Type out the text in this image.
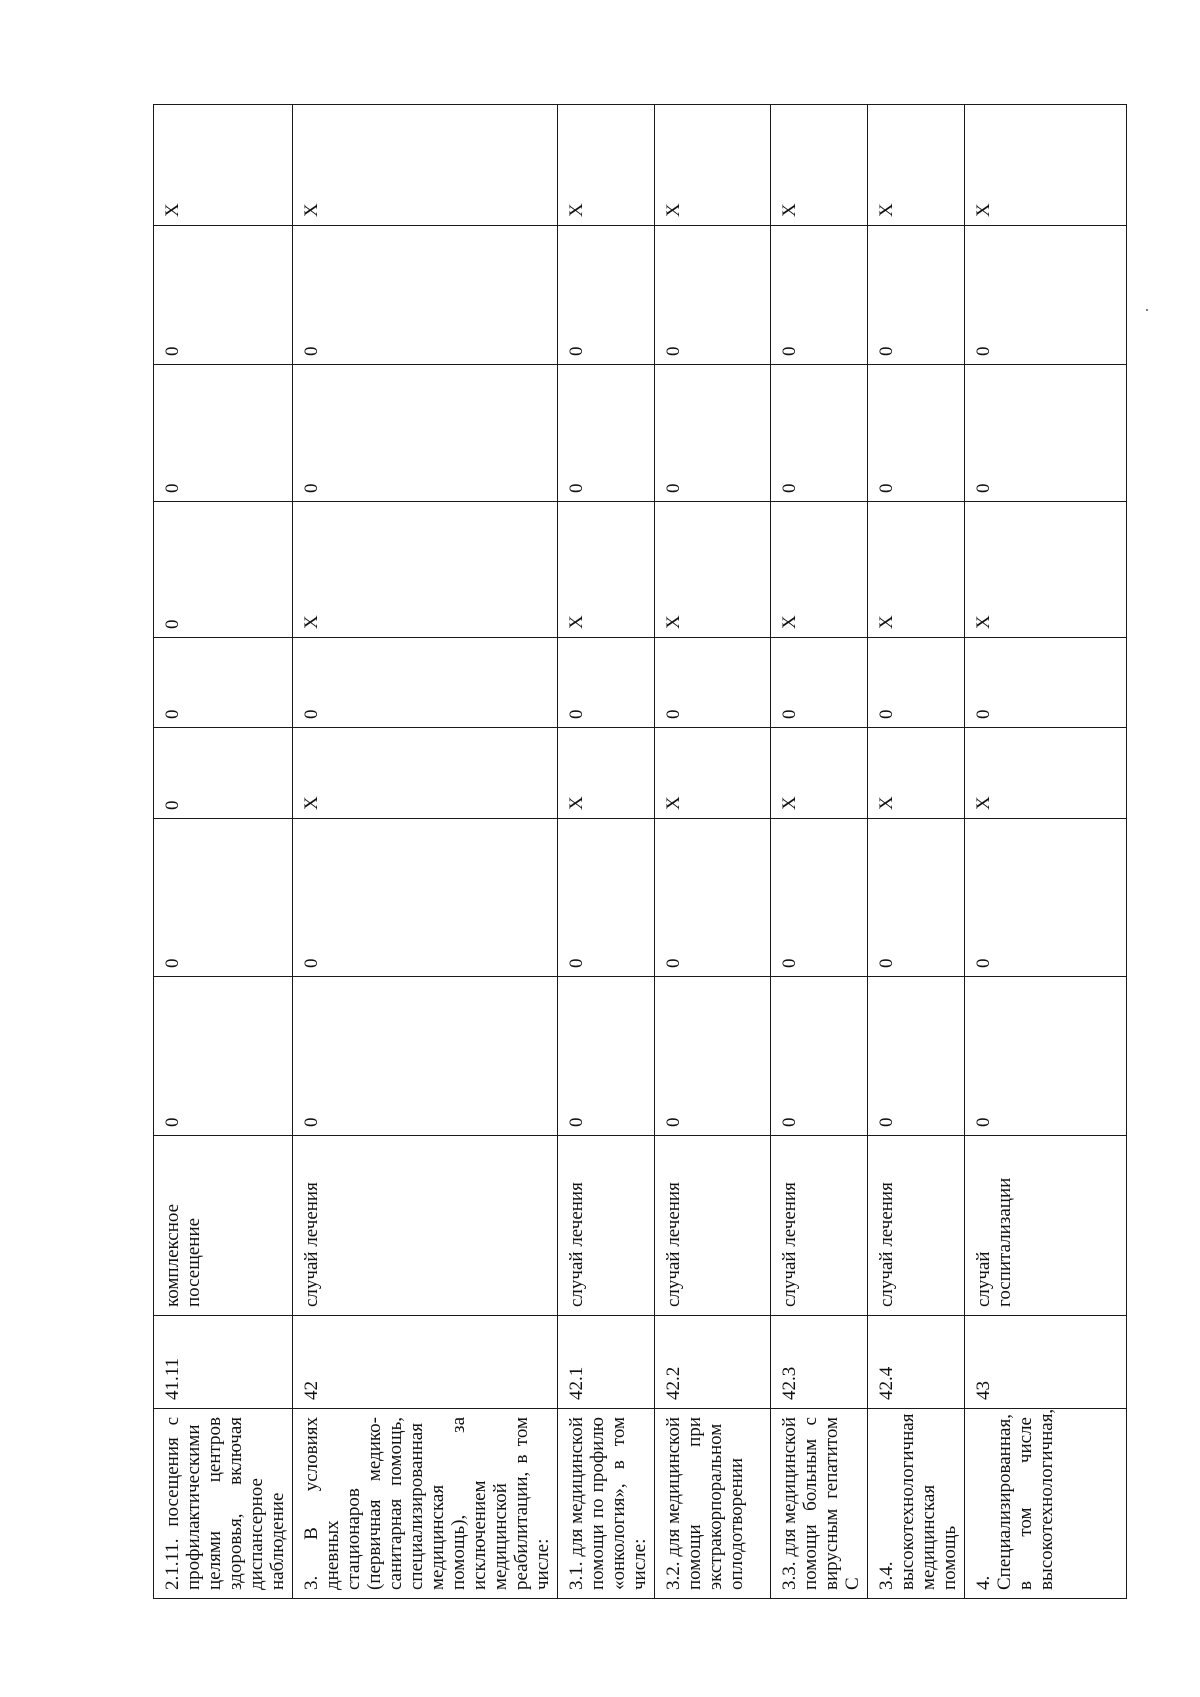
2.1.11. посещения с профилактическими целями центров здоровья, включая диспансерное наблюдение	41.11	комплексное посещение	0	0	0	0	0	0	0	X
3. В условиях дневных стационаров (первичная медико-санитарная помощь, специализированная медицинская помощь), за исключением медицинской реабилитации, в том числе:	42	случай лечения	0	0	X	0	X	0	0	X
3.1. для медицинской помощи по профилю «онкология», в том числе:	42.1	случай лечения	0	0	X	0	X	0	0	X
3.2. для медицинской помощи при экстракорпоральном оплодотворении	42.2	случай лечения	0	0	X	0	X	0	0	X
3.3. для медицинской помощи больным с вирусным гепатитом С	42.3	случай лечения	0	0	X	0	X	0	0	X
3.4. высокотехнологичная медицинская помощь	42.4	случай лечения	0	0	X	0	X	0	0	X
4. Специализированная, в том числе высокотехнологичная,	43	случай госпитализации	0	0	X	0	X	0	0	X
